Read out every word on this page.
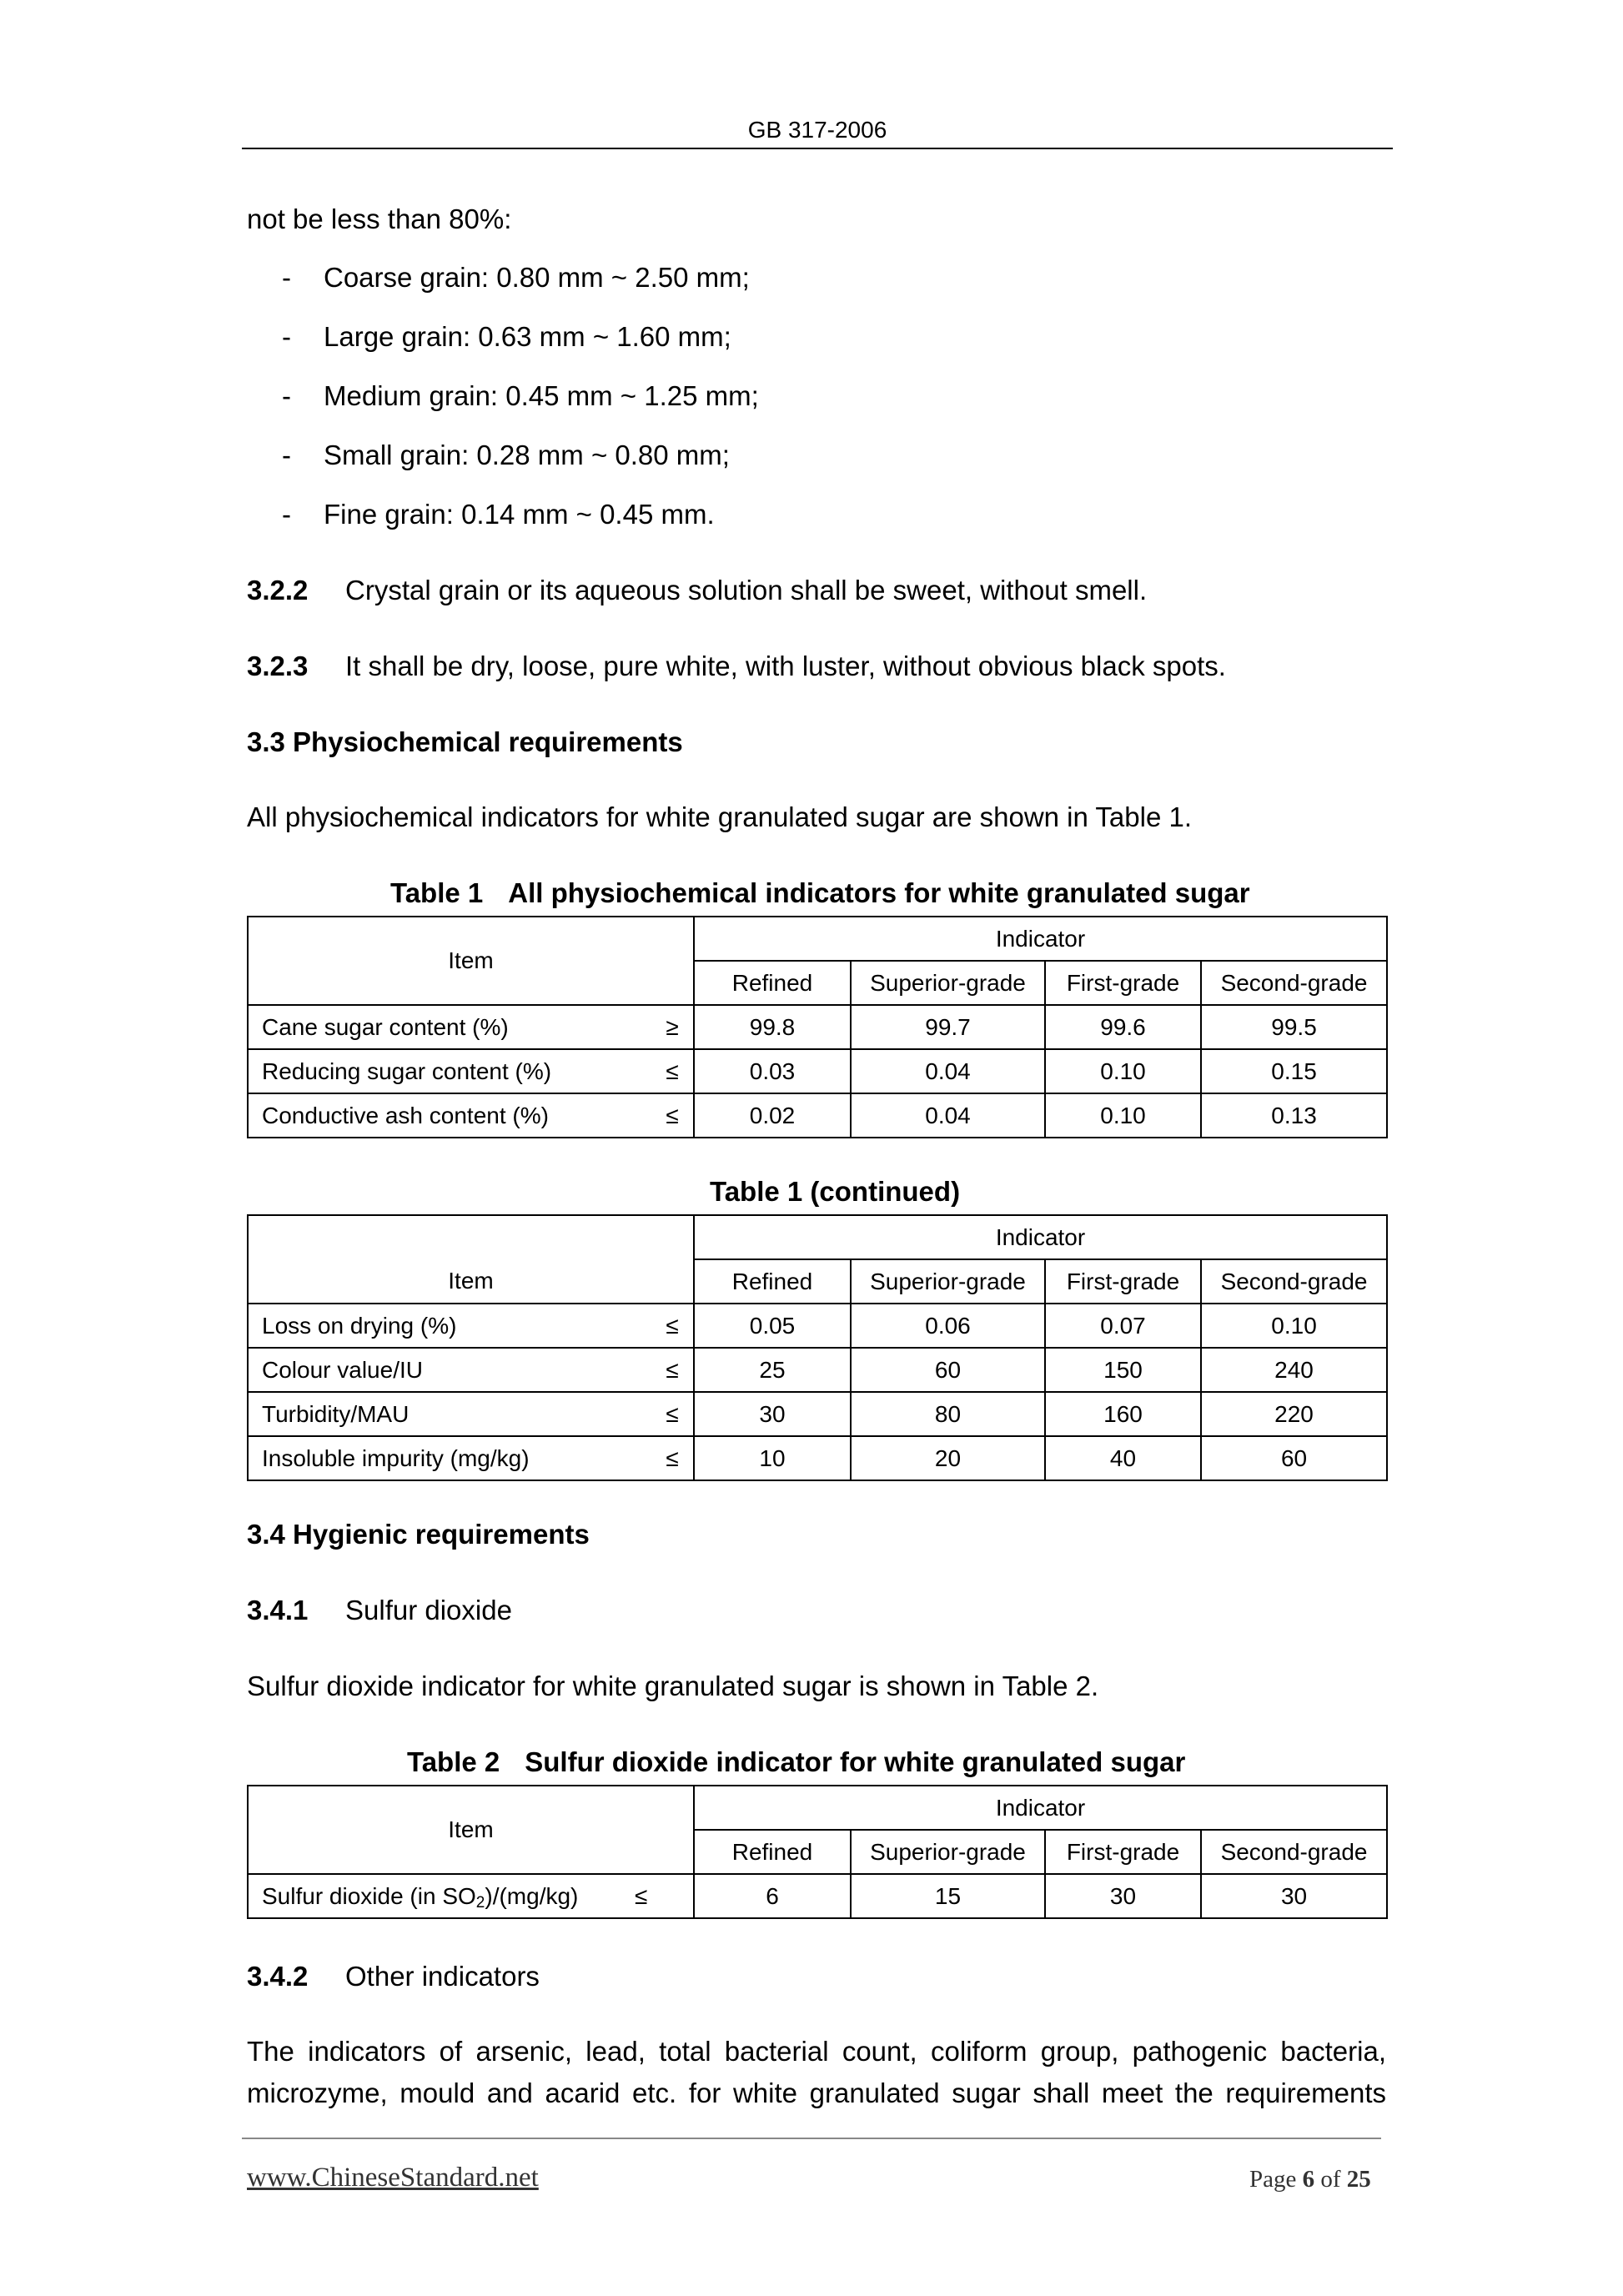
GB 317-2006
not be less than 80%:
- Coarse grain: 0.80 mm ~ 2.50 mm;
- Large grain: 0.63 mm ~ 1.60 mm;
- Medium grain: 0.45 mm ~ 1.25 mm;
- Small grain: 0.28 mm ~ 0.80 mm;
- Fine grain: 0.14 mm ~ 0.45 mm.
3.2.2 Crystal grain or its aqueous solution shall be sweet, without smell.
3.2.3 It shall be dry, loose, pure white, with luster, without obvious black spots.
3.3 Physiochemical requirements
All physiochemical indicators for white granulated sugar are shown in Table 1.
Table 1 All physiochemical indicators for white granulated sugar
Item	Indicator			
	Refined	Superior-grade	First-grade	Second-grade

Cane sugar content (%) ≥	99.8	99.7	99.6	99.5

Reducing sugar content (%) ≤	0.03	0.04	0.10	0.15

Conductive ash content (%) ≤	0.02	0.04	0.10	0.13
Table 1 (continued)
Item	Indicator			
	Refined	Superior-grade	First-grade	Second-grade

Loss on drying (%) ≤	0.05	0.06	0.07	0.10

Colour value/IU ≤	25	60	150	240

Turbidity/MAU ≤	30	80	160	220

Insoluble impurity (mg/kg) ≤	10	20	40	60
3.4 Hygienic requirements
3.4.1 Sulfur dioxide
Sulfur dioxide indicator for white granulated sugar is shown in Table 2.
Table 2 Sulfur dioxide indicator for white granulated sugar
Item	Indicator			
	Refined	Superior-grade	First-grade	Second-grade

Sulfur dioxide (in $SO_2)/(mg/kg)$ ≤	6	15	30	30
3.4.2 Other indicators
The indicators of arsenic, lead, total bacterial count, coliform group, pathogenic bacteria,
microzyme, mould and acarid etc. for white granulated sugar shall meet the requirements
www.ChineseStandard.net	Page 6 of 25
